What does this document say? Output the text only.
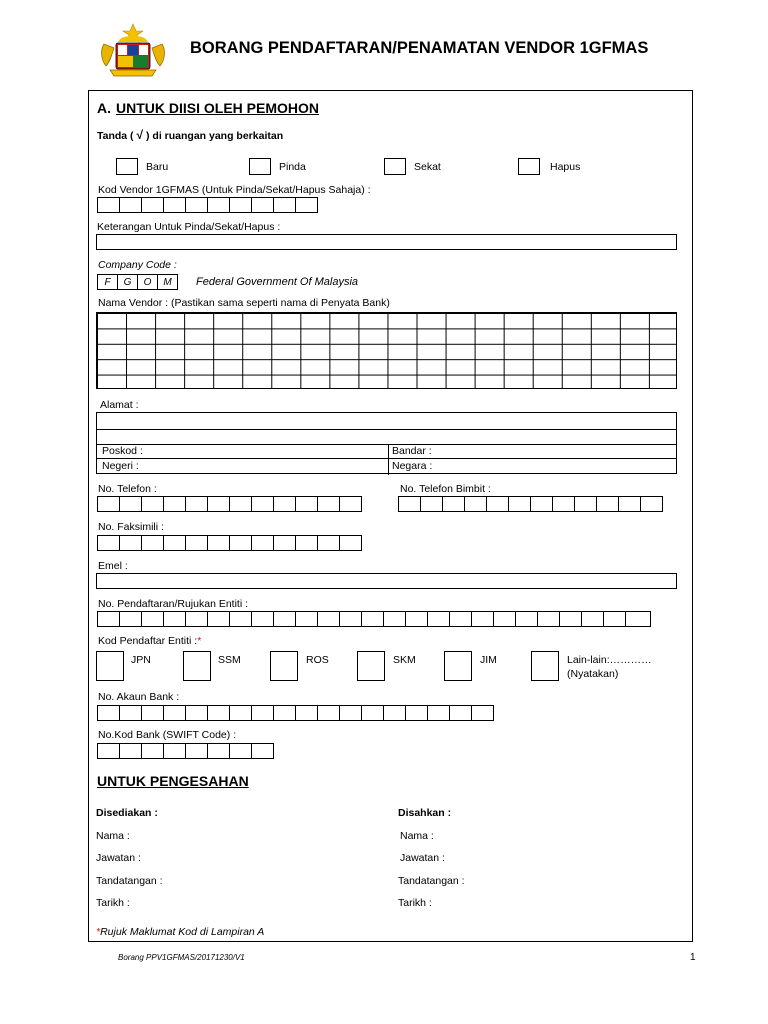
BORANG PENDAFTARAN/PENAMATAN VENDOR 1GFMAS
A. UNTUK DIISI OLEH PEMOHON
Tanda ( √ ) di ruangan yang berkaitan
Baru	Pinda	Sekat	Hapus
Kod Vendor 1GFMAS (Untuk Pinda/Sekat/Hapus Sahaja) :
Keterangan Untuk Pinda/Sekat/Hapus :
Company Code :
F	G	O	M Federal Government Of Malaysia
Nama Vendor : (Pastikan sama seperti nama di Penyata Bank)
Alamat :
Poskod :	Bandar :
Negeri :	Negara :
No. Telefon :	No. Telefon Bimbit :
No. Faksimili :
Emel :
No. Pendaftaran/Rujukan Entiti :
Kod Pendaftar Entiti :*
JPN	SSM	ROS	SKM	JIM	Lain-lain:…………
(Nyatakan)
No. Akaun Bank :
No.Kod Bank (SWIFT Code) :
UNTUK PENGESAHAN
Disediakan :	Disahkan :
Nama :	Nama :
Jawatan :	Jawatan :
Tandatangan :	Tandatangan :
Tarikh :	Tarikh :
*Rujuk Maklumat Kod di Lampiran A
Borang PPV1GFMAS/20171230/V1	1
